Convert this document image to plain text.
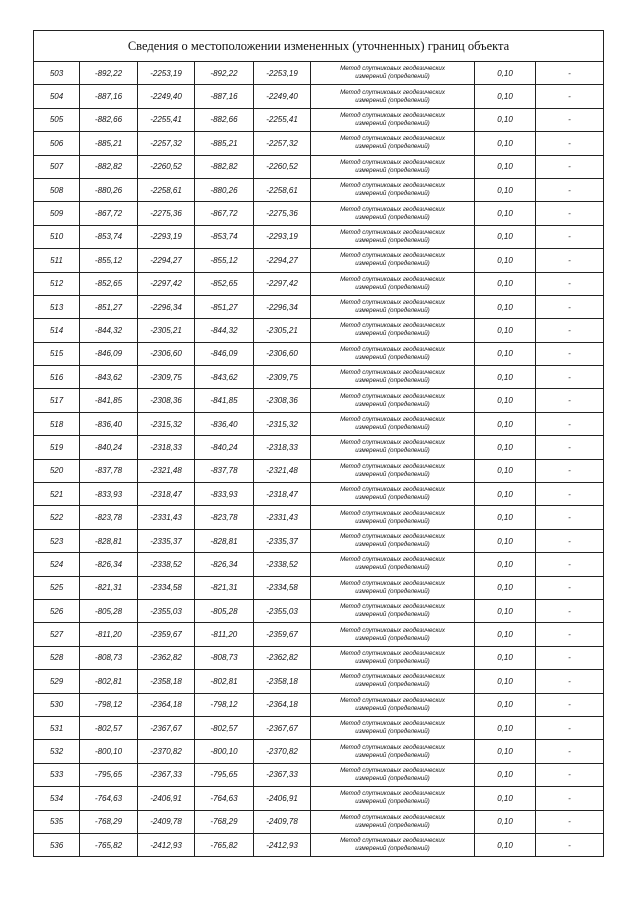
Сведения о местоположении измененных (уточненных) границ объекта							
503	-892,22	-2253,19	-892,22	-2253,19	Метод спутниковых геодезических
измерений (определений)	0,10	-
504	-887,16	-2249,40	-887,16	-2249,40	Метод спутниковых геодезических
измерений (определений)	0,10	-
505	-882,66	-2255,41	-882,66	-2255,41	Метод спутниковых геодезических
измерений (определений)	0,10	-
506	-885,21	-2257,32	-885,21	-2257,32	Метод спутниковых геодезических
измерений (определений)	0,10	-
507	-882,82	-2260,52	-882,82	-2260,52	Метод спутниковых геодезических
измерений (определений)	0,10	-
508	-880,26	-2258,61	-880,26	-2258,61	Метод спутниковых геодезических
измерений (определений)	0,10	-
509	-867,72	-2275,36	-867,72	-2275,36	Метод спутниковых геодезических
измерений (определений)	0,10	-
510	-853,74	-2293,19	-853,74	-2293,19	Метод спутниковых геодезических
измерений (определений)	0,10	-
511	-855,12	-2294,27	-855,12	-2294,27	Метод спутниковых геодезических
измерений (определений)	0,10	-
512	-852,65	-2297,42	-852,65	-2297,42	Метод спутниковых геодезических
измерений (определений)	0,10	-
513	-851,27	-2296,34	-851,27	-2296,34	Метод спутниковых геодезических
измерений (определений)	0,10	-
514	-844,32	-2305,21	-844,32	-2305,21	Метод спутниковых геодезических
измерений (определений)	0,10	-
515	-846,09	-2306,60	-846,09	-2306,60	Метод спутниковых геодезических
измерений (определений)	0,10	-
516	-843,62	-2309,75	-843,62	-2309,75	Метод спутниковых геодезических
измерений (определений)	0,10	-
517	-841,85	-2308,36	-841,85	-2308,36	Метод спутниковых геодезических
измерений (определений)	0,10	-
518	-836,40	-2315,32	-836,40	-2315,32	Метод спутниковых геодезических
измерений (определений)	0,10	-
519	-840,24	-2318,33	-840,24	-2318,33	Метод спутниковых геодезических
измерений (определений)	0,10	-
520	-837,78	-2321,48	-837,78	-2321,48	Метод спутниковых геодезических
измерений (определений)	0,10	-
521	-833,93	-2318,47	-833,93	-2318,47	Метод спутниковых геодезических
измерений (определений)	0,10	-
522	-823,78	-2331,43	-823,78	-2331,43	Метод спутниковых геодезических
измерений (определений)	0,10	-
523	-828,81	-2335,37	-828,81	-2335,37	Метод спутниковых геодезических
измерений (определений)	0,10	-
524	-826,34	-2338,52	-826,34	-2338,52	Метод спутниковых геодезических
измерений (определений)	0,10	-
525	-821,31	-2334,58	-821,31	-2334,58	Метод спутниковых геодезических
измерений (определений)	0,10	-
526	-805,28	-2355,03	-805,28	-2355,03	Метод спутниковых геодезических
измерений (определений)	0,10	-
527	-811,20	-2359,67	-811,20	-2359,67	Метод спутниковых геодезических
измерений (определений)	0,10	-
528	-808,73	-2362,82	-808,73	-2362,82	Метод спутниковых геодезических
измерений (определений)	0,10	-
529	-802,81	-2358,18	-802,81	-2358,18	Метод спутниковых геодезических
измерений (определений)	0,10	-
530	-798,12	-2364,18	-798,12	-2364,18	Метод спутниковых геодезических
измерений (определений)	0,10	-
531	-802,57	-2367,67	-802,57	-2367,67	Метод спутниковых геодезических
измерений (определений)	0,10	-
532	-800,10	-2370,82	-800,10	-2370,82	Метод спутниковых геодезических
измерений (определений)	0,10	-
533	-795,65	-2367,33	-795,65	-2367,33	Метод спутниковых геодезических
измерений (определений)	0,10	-
534	-764,63	-2406,91	-764,63	-2406,91	Метод спутниковых геодезических
измерений (определений)	0,10	-
535	-768,29	-2409,78	-768,29	-2409,78	Метод спутниковых геодезических
измерений (определений)	0,10	-
536	-765,82	-2412,93	-765,82	-2412,93	Метод спутниковых геодезических
измерений (определений)	0,10	-
